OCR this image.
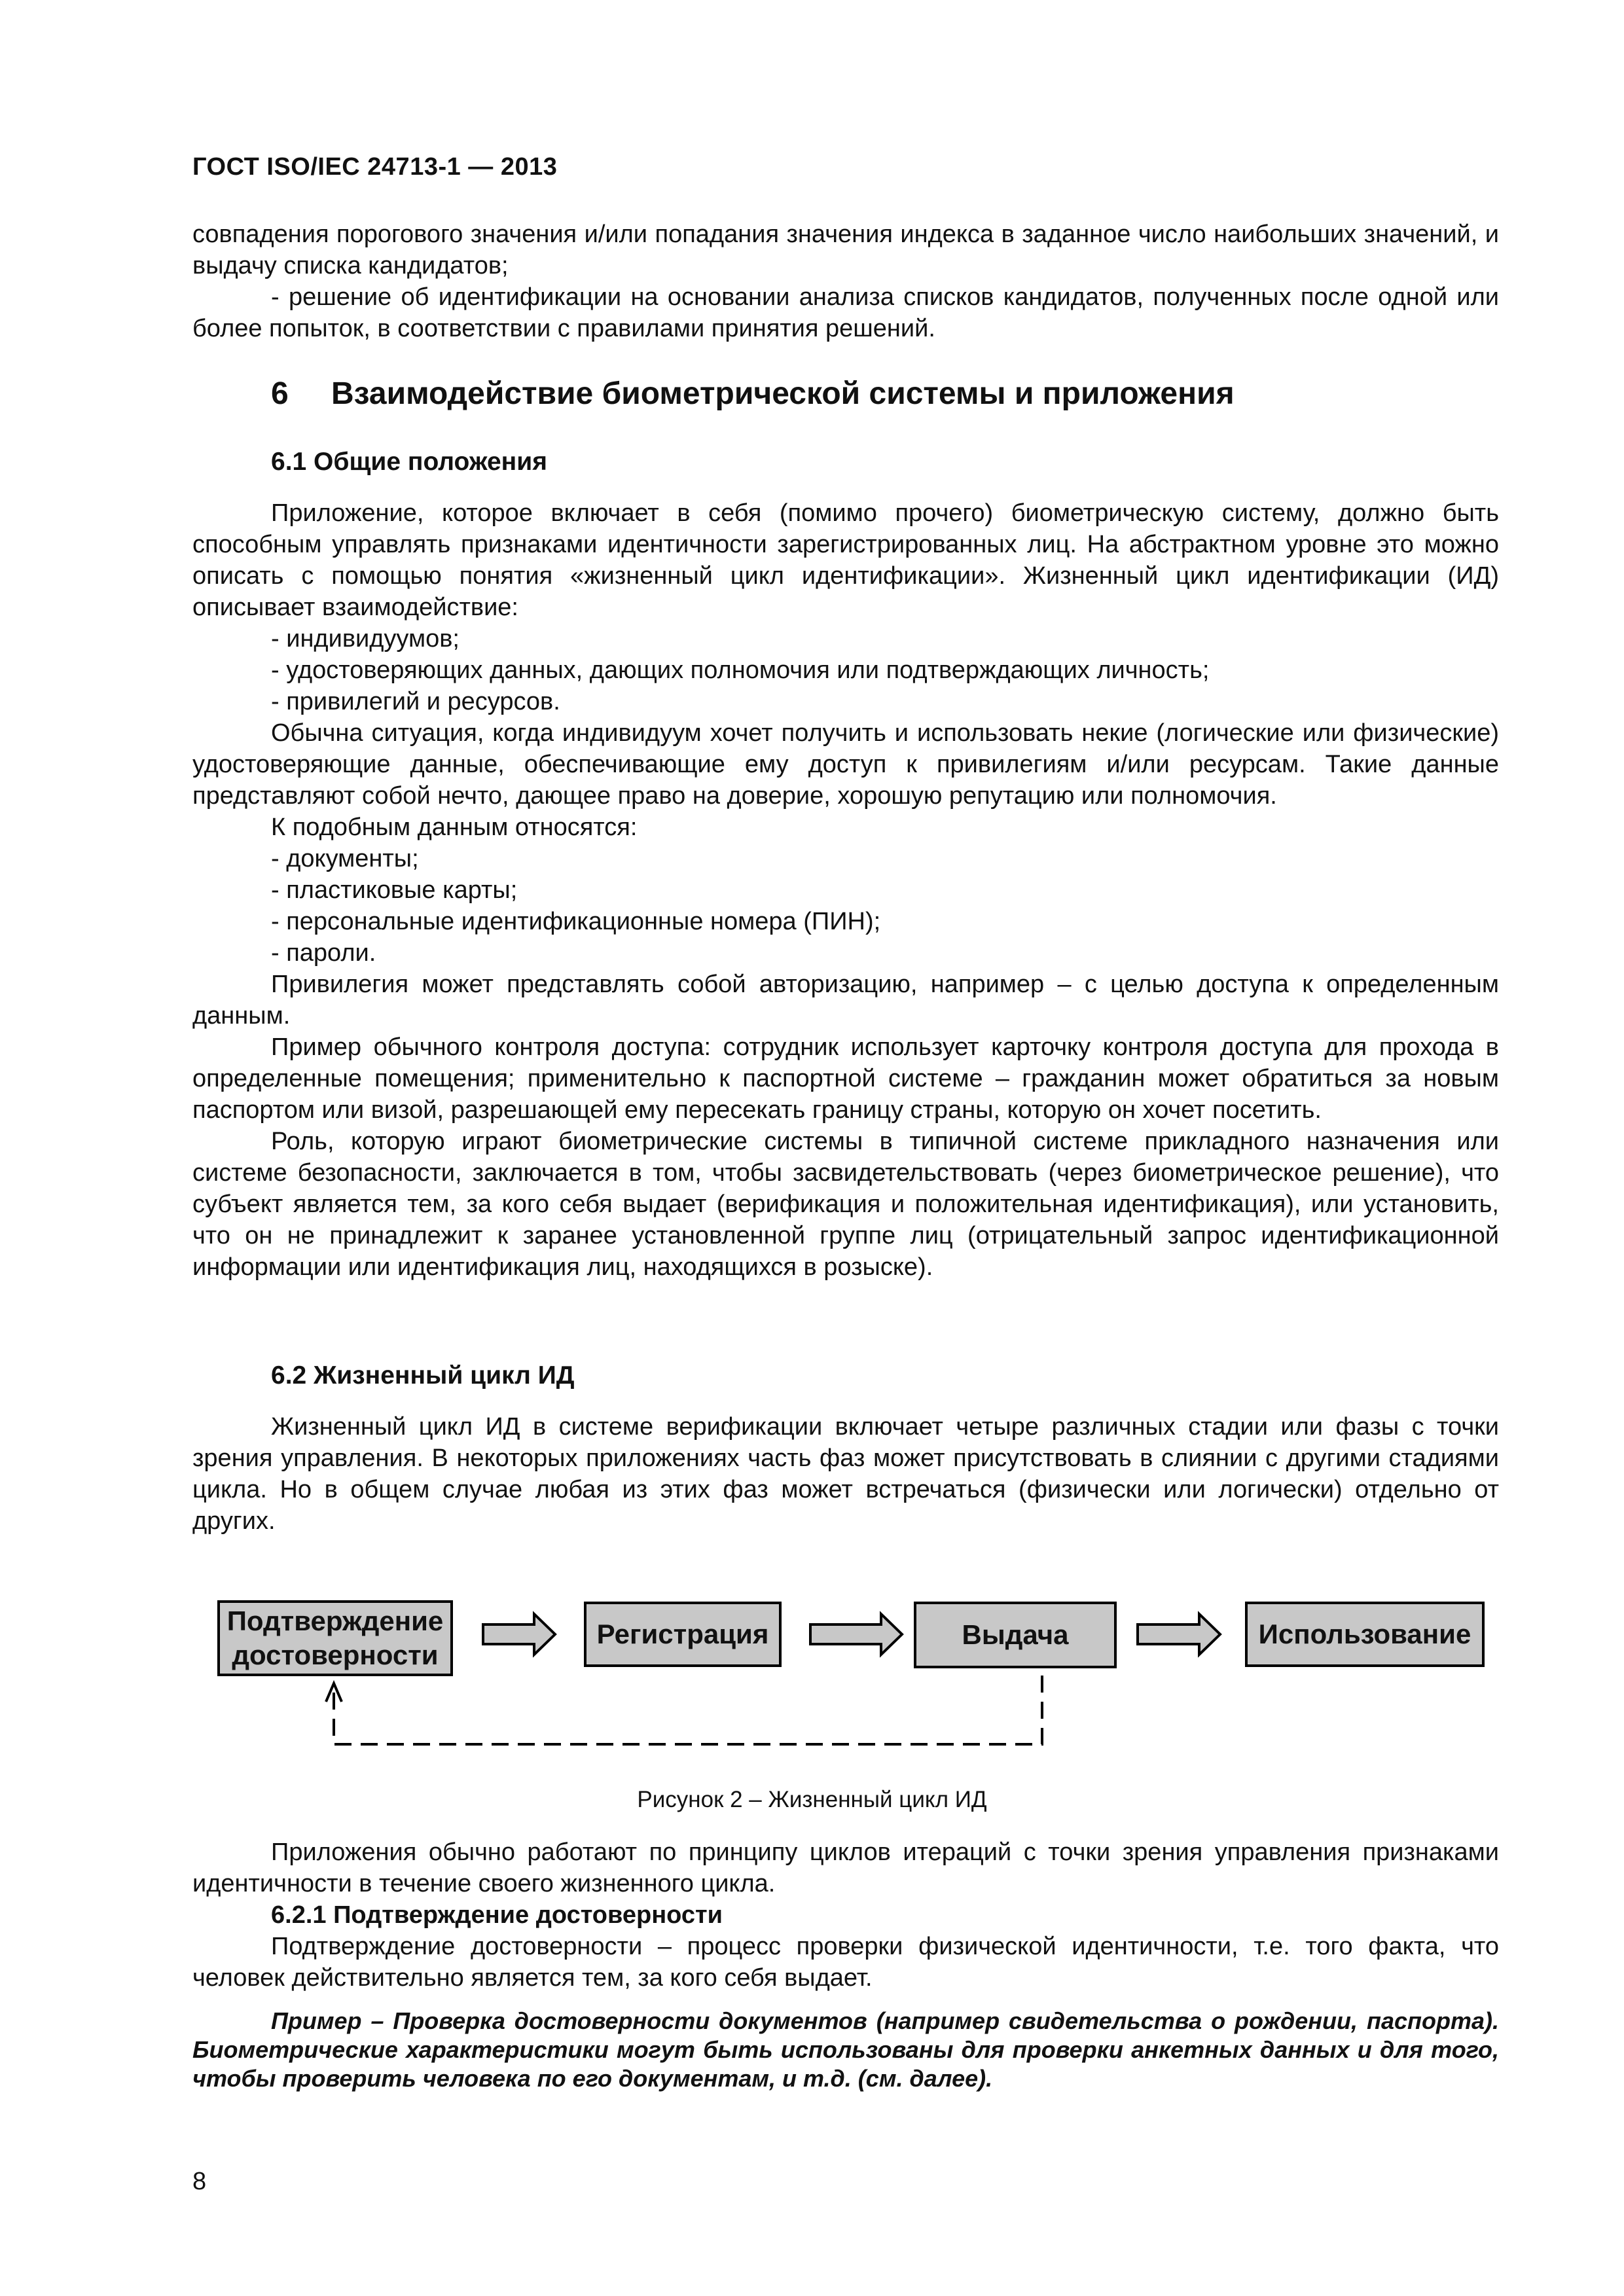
ГОСТ ISO/IEC 24713-1 — 2013

совпадения порогового значения и/или попадания значения индекса в заданное число наибольших значений, и выдачу списка кандидатов;

- решение об идентификации на основании анализа списков кандидатов, полученных после одной или более попыток, в соответствии с правилами принятия решений.

6 Взаимодействие биометрической системы и приложения
6.1 Общие положения

Приложение, которое включает в себя (помимо прочего) биометрическую систему, должно быть способным управлять признаками идентичности зарегистрированных лиц. На абстрактном уровне это можно описать с помощью понятия «жизненный цикл идентификации». Жизненный цикл идентификации (ИД) описывает взаимодействие:

- индивидуумов;

- удостоверяющих данных, дающих полномочия или подтверждающих личность;

- привилегий и ресурсов.

Обычна ситуация, когда индивидуум хочет получить и использовать некие (логические или физические) удостоверяющие данные, обеспечивающие ему доступ к привилегиям и/или ресурсам. Такие данные представляют собой нечто, дающее право на доверие, хорошую репутацию или полномочия.

К подобным данным относятся:

- документы;

- пластиковые карты;

- персональные идентификационные номера (ПИН);

- пароли.

Привилегия может представлять собой авторизацию, например – с целью доступа к определенным данным.

Пример обычного контроля доступа: сотрудник использует карточку контроля доступа для прохода в определенные помещения; применительно к паспортной системе – гражданин может обратиться за новым паспортом или визой, разрешающей ему пересекать границу страны, которую он хочет посетить.

Роль, которую играют биометрические системы в типичной системе прикладного назначения или системе безопасности, заключается в том, чтобы засвидетельствовать (через биометрическое решение), что субъект является тем, за кого себя выдает (верификация и положительная идентификация), или установить, что он не принадлежит к заранее установленной группе лиц (отрицательный запрос идентификационной информации или идентификация лиц, находящихся в розыске).

6.2 Жизненный цикл ИД

Жизненный цикл ИД в системе верификации включает четыре различных стадии или фазы с точки зрения управления. В некоторых приложениях часть фаз может присутствовать в слиянии с другими стадиями цикла. Но в общем случае любая из этих фаз может встречаться (физически или логически) отдельно от других.

Подтверждение
достоверности
Регистрация	Выдача	Использование
Рисунок 2 – Жизненный цикл ИД

Приложения обычно работают по принципу циклов итераций с точки зрения управления признаками идентичности в течение своего жизненного цикла.

6.2.1 Подтверждение достоверности

Подтверждение достоверности – процесс проверки физической идентичности, т.е. того факта, что человек действительно является тем, за кого себя выдает.

Пример – Проверка достоверности документов (например свидетельства о рождении, паспорта). Биометрические характеристики могут быть использованы для проверки анкетных данных и для того, чтобы проверить человека по его документам, и т.д. (см. далее).

8
